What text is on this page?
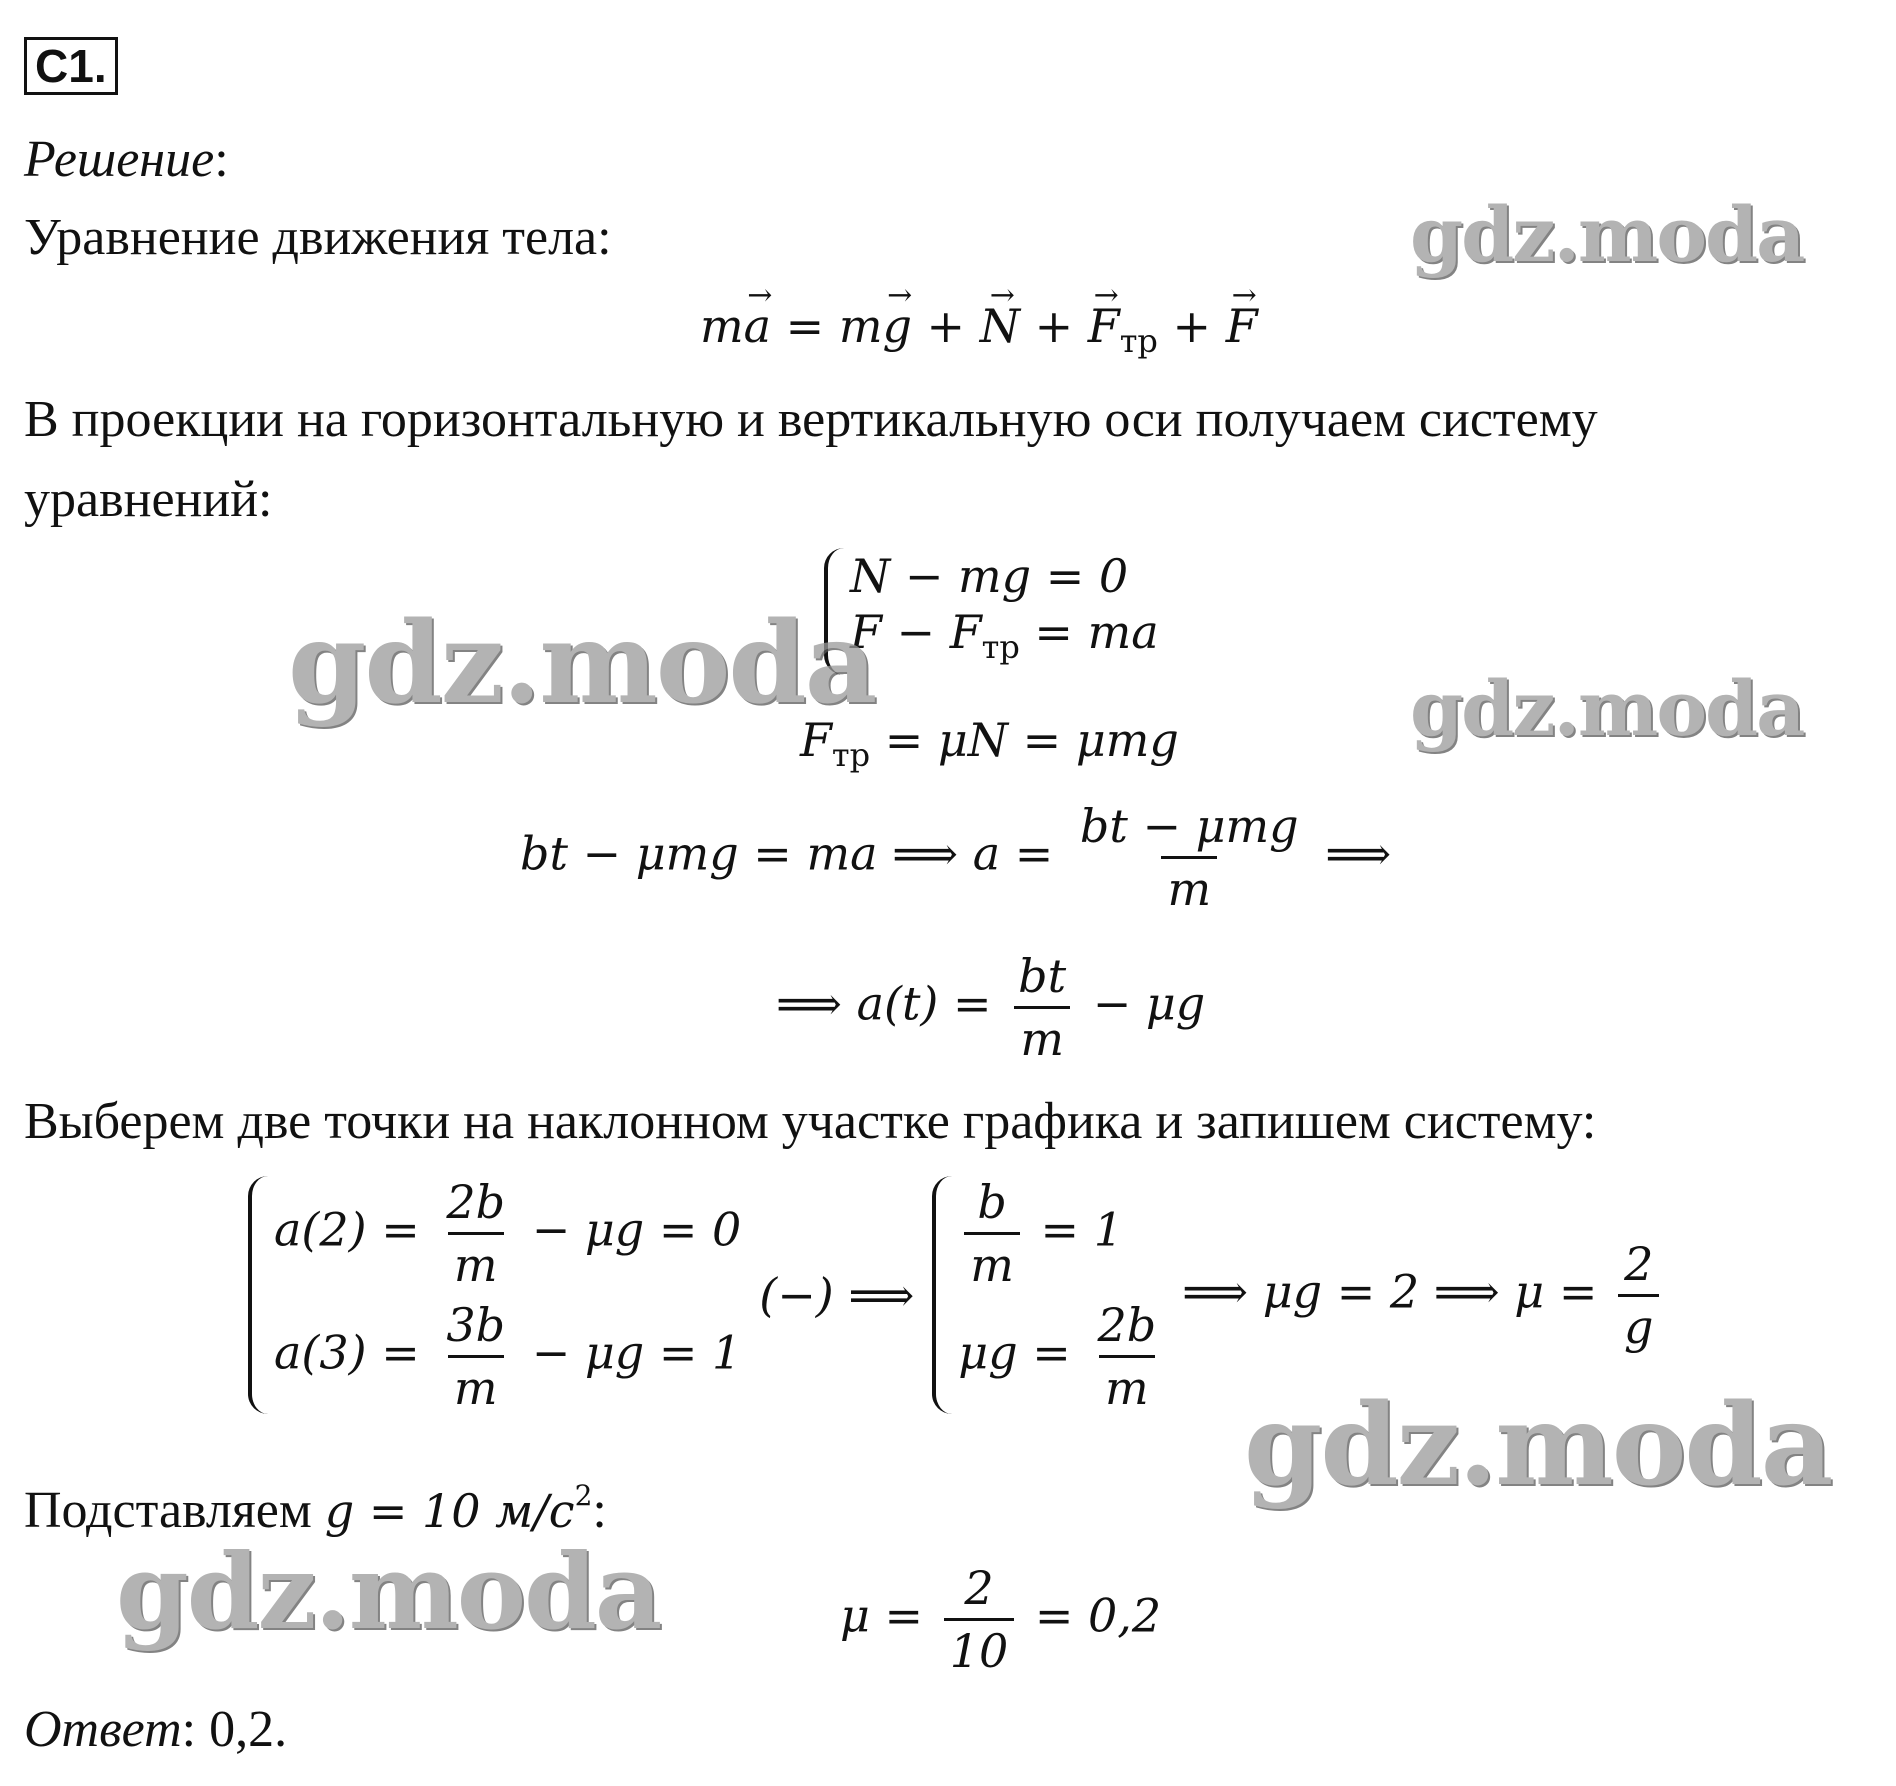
С1.
Решение:
Уравнение движения тела:
ma → = mg → + N → + $F \to_{тр} + F$ →
В проекции на горизонтальную и вертикальную оси получаем систему
уравнений:
N − mg = 0
$F - F_{тр}$ = ma
$F_{тр} = \mu N = \mu mg$
bt − μmg = ma ⟹ $a = \frac{\text{bt − μmg}}{m}$ ⟹
⟹ $a(t) = \frac{bt}{m} - \mu g$
Выберем две точки на наклонном участке графика и запишем систему:
$a(2) = \frac{2b}{m} - \mu g = 0$
$a(3) = \frac{3b}{m} - \mu g = 1$
(−) ⟹
$\frac{b}{m} = 1$
$\mu g = \frac{2b}{m}$
⟹ μg = 2 ⟹ $\mu = \frac{2}{g}$
Подставляем g = 10 $м/с^2$:
$\mu = \frac{2}{10} = 0,2$
Ответ: 0,2.
gdz.moda
gdz.moda	gdz.moda
gdz.moda
gdz.moda
